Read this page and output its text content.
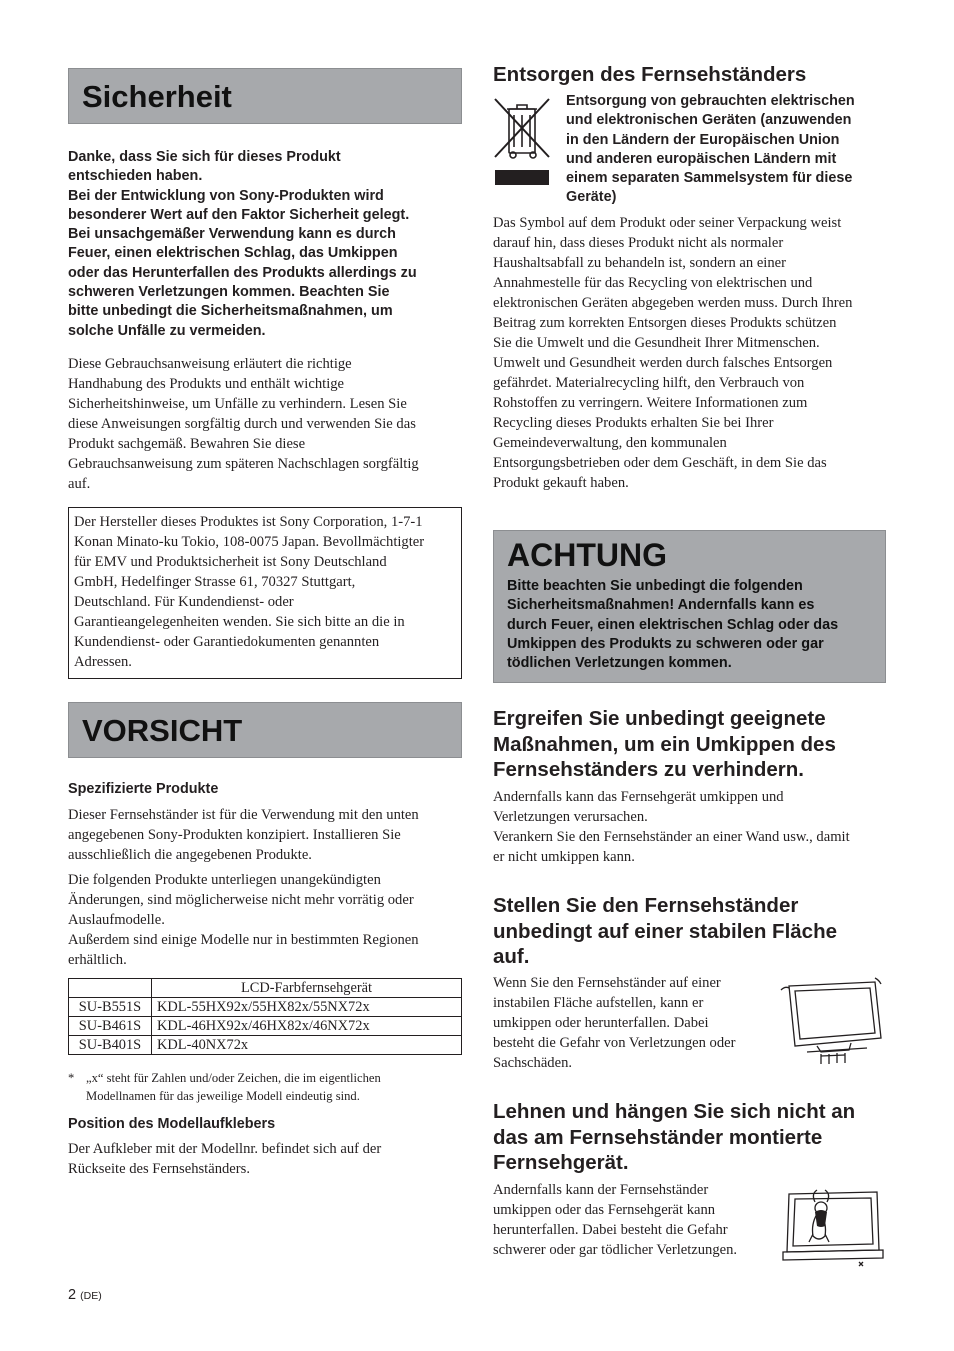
Sicherheit
Danke, dass Sie sich für dieses Produkt
entschieden haben.
Bei der Entwicklung von Sony-Produkten wird
besonderer Wert auf den Faktor Sicherheit gelegt.
Bei unsachgemäßer Verwendung kann es durch
Feuer, einen elektrischen Schlag, das Umkippen
oder das Herunterfallen des Produkts allerdings zu
schweren Verletzungen kommen. Beachten Sie
bitte unbedingt die Sicherheitsmaßnahmen, um
solche Unfälle zu vermeiden.
Diese Gebrauchsanweisung erläutert die richtige
Handhabung des Produkts und enthält wichtige
Sicherheitshinweise, um Unfälle zu verhindern. Lesen Sie
diese Anweisungen sorgfältig durch und verwenden Sie das
Produkt sachgemäß. Bewahren Sie diese
Gebrauchsanweisung zum späteren Nachschlagen sorgfältig
auf.
Der Hersteller dieses Produktes ist Sony Corporation, 1-7-1
Konan Minato-ku Tokio, 108-0075 Japan. Bevollmächtigter
für EMV und Produktsicherheit ist Sony Deutschland
GmbH, Hedelfinger Strasse 61, 70327 Stuttgart,
Deutschland. Für Kundendienst- oder
Garantieangelegenheiten wenden. Sie sich bitte an die in
Kundendienst- oder Garantiedokumenten genannten
Adressen.
VORSICHT
Spezifizierte Produkte
Dieser Fernsehständer ist für die Verwendung mit den unten
angegebenen Sony-Produkten konzipiert. Installieren Sie
ausschließlich die angegebenen Produkte.
Die folgenden Produkte unterliegen unangekündigten
Änderungen, sind möglicherweise nicht mehr vorrätig oder
Auslaufmodelle.
Außerdem sind einige Modelle nur in bestimmten Regionen
erhältlich.
	LCD-Farbfernsehgerät
SU-B551S	KDL-55HX92x/55HX82x/55NX72x
SU-B461S	KDL-46HX92x/46HX82x/46NX72x
SU-B401S	KDL-40NX72x
* „x“ steht für Zahlen und/oder Zeichen, die im eigentlichen
Modellnamen für das jeweilige Modell eindeutig sind.
Position des Modellaufklebers
Der Aufkleber mit der Modellnr. befindet sich auf der
Rückseite des Fernsehständers.
2 (DE)
Entsorgen des Fernsehständers
Entsorgung von gebrauchten elektrischen
und elektronischen Geräten (anzuwenden
in den Ländern der Europäischen Union
und anderen europäischen Ländern mit
einem separaten Sammelsystem für diese
Geräte)
Das Symbol auf dem Produkt oder seiner Verpackung weist
darauf hin, dass dieses Produkt nicht als normaler
Haushaltsabfall zu behandeln ist, sondern an einer
Annahmestelle für das Recycling von elektrischen und
elektronischen Geräten abgegeben werden muss. Durch Ihren
Beitrag zum korrekten Entsorgen dieses Produkts schützen
Sie die Umwelt und die Gesundheit Ihrer Mitmenschen.
Umwelt und Gesundheit werden durch falsches Entsorgen
gefährdet. Materialrecycling hilft, den Verbrauch von
Rohstoffen zu verringern. Weitere Informationen zum
Recycling dieses Produkts erhalten Sie bei Ihrer
Gemeindeverwaltung, den kommunalen
Entsorgungsbetrieben oder dem Geschäft, in dem Sie das
Produkt gekauft haben.
ACHTUNG
Bitte beachten Sie unbedingt die folgenden
Sicherheitsmaßnahmen! Andernfalls kann es
durch Feuer, einen elektrischen Schlag oder das
Umkippen des Produkts zu schweren oder gar
tödlichen Verletzungen kommen.
Ergreifen Sie unbedingt geeignete
Maßnahmen, um ein Umkippen des
Fernsehständers zu verhindern.
Andernfalls kann das Fernsehgerät umkippen und
Verletzungen verursachen.
Verankern Sie den Fernsehständer an einer Wand usw., damit
er nicht umkippen kann.
Stellen Sie den Fernsehständer
unbedingt auf einer stabilen Fläche
auf.
Wenn Sie den Fernsehständer auf einer
instabilen Fläche aufstellen, kann er
umkippen oder herunterfallen. Dabei
besteht die Gefahr von Verletzungen oder
Sachschäden.
Lehnen und hängen Sie sich nicht an
das am Fernsehständer montierte
Fernsehgerät.
Andernfalls kann der Fernsehständer
umkippen oder das Fernsehgerät kann
herunterfallen. Dabei besteht die Gefahr
schwerer oder gar tödlicher Verletzungen.
